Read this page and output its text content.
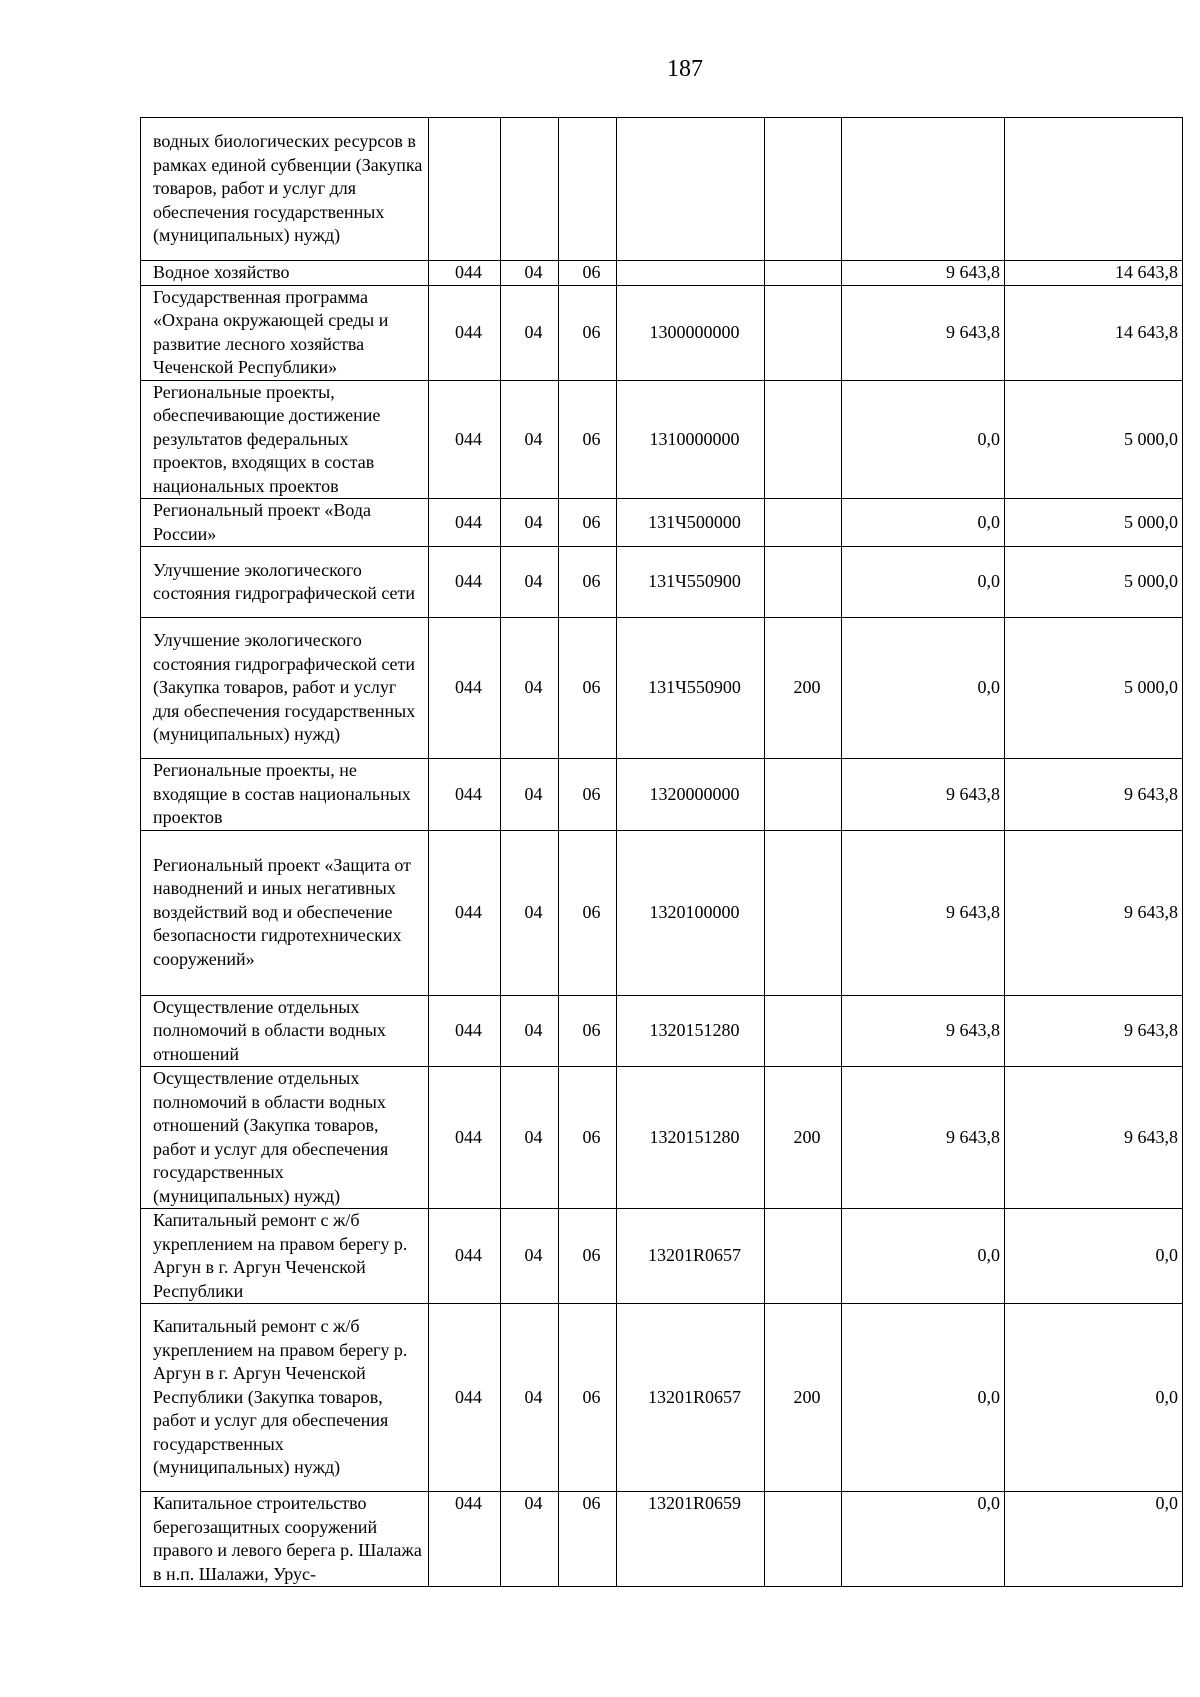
187
водных биологических ресурсов в рамках единой субвенции (Закупка товаров, работ и услуг для обеспечения государственных (муниципальных) нужд)							
Водное хозяйство	044	04	06			9 643,8	14 643,8
Государственная программа «Охрана окружающей среды и развитие лесного хозяйства Чеченской Республики»	044	04	06	1300000000		9 643,8	14 643,8
Региональные проекты, обеспечивающие достижение результатов федеральных проектов, входящих в состав национальных проектов	044	04	06	1310000000		0,0	5 000,0
Региональный проект «Вода России»	044	04	06	131Ч500000		0,0	5 000,0
Улучшение экологического состояния гидрографической сети	044	04	06	131Ч550900		0,0	5 000,0
Улучшение экологического состояния гидрографической сети (Закупка товаров, работ и услуг для обеспечения государственных (муниципальных) нужд)	044	04	06	131Ч550900	200	0,0	5 000,0
Региональные проекты, не входящие в состав национальных проектов	044	04	06	1320000000		9 643,8	9 643,8
Региональный проект «Защита от наводнений и иных негативных воздействий вод и обеспечение безопасности гидротехнических сооружений»	044	04	06	1320100000		9 643,8	9 643,8
Осуществление отдельных полномочий в области водных отношений	044	04	06	1320151280		9 643,8	9 643,8
Осуществление отдельных полномочий в области водных отношений (Закупка товаров, работ и услуг для обеспечения государственных (муниципальных) нужд)	044	04	06	1320151280	200	9 643,8	9 643,8
Капитальный ремонт с ж/б укреплением на правом берегу р. Аргун в г. Аргун Чеченской Республики	044	04	06	13201R0657		0,0	0,0
Капитальный ремонт с ж/б укреплением на правом берегу р. Аргун в г. Аргун Чеченской Республики (Закупка товаров, работ и услуг для обеспечения государственных (муниципальных) нужд)	044	04	06	13201R0657	200	0,0	0,0
Капитальное строительство берегозащитных сооружений правого и левого берега р. Шалажа в н.п. Шалажи, Урус-	044	04	06	13201R0659		0,0	0,0
